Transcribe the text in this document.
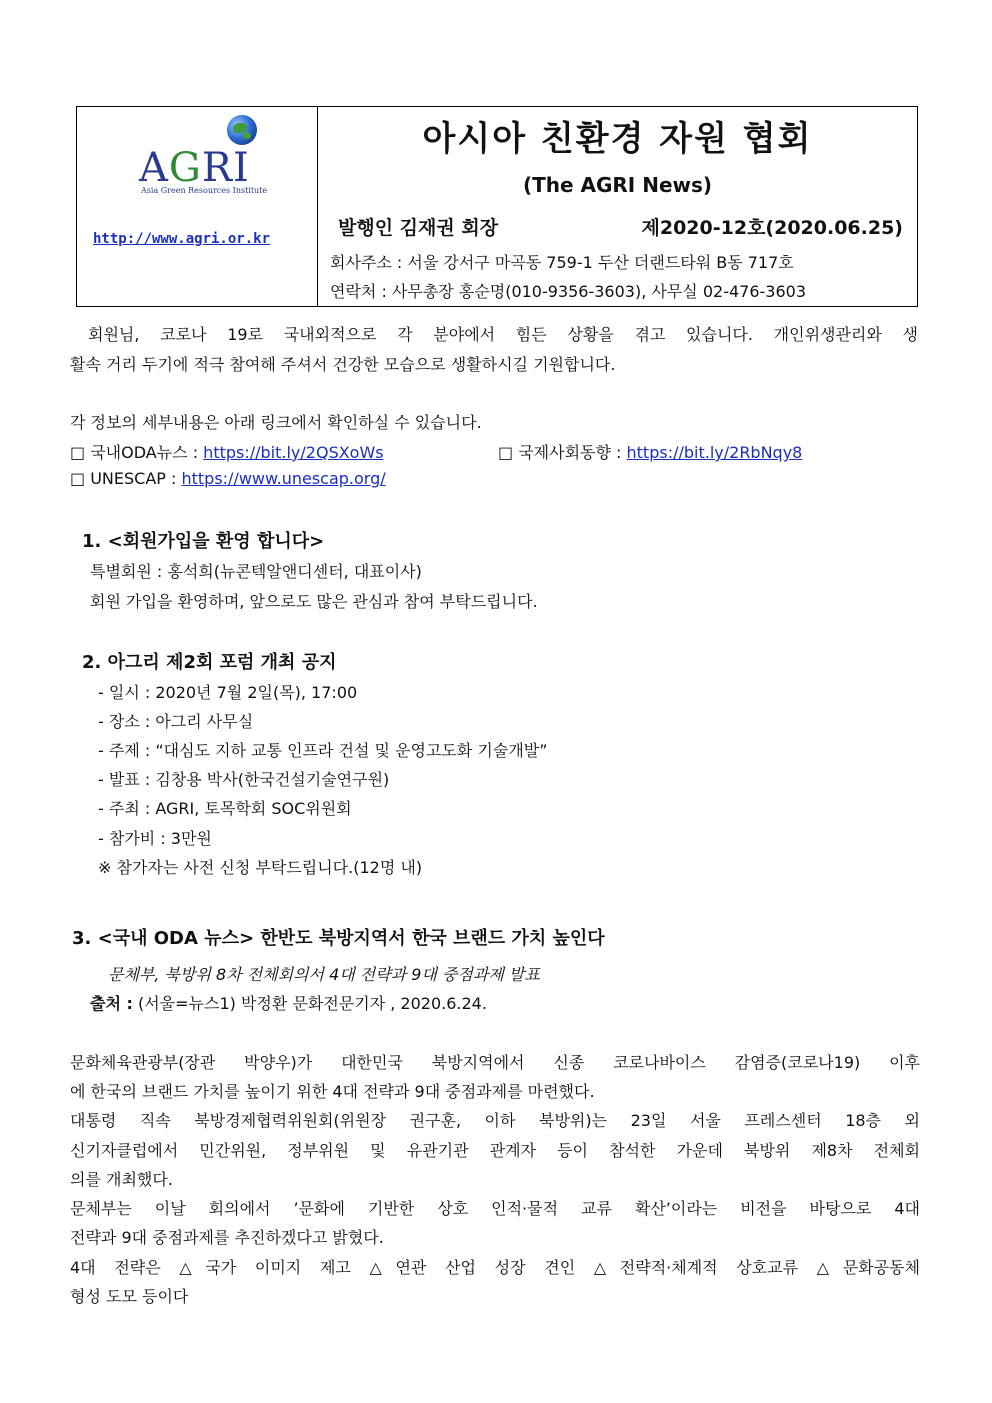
AGRI
Asia Green Resources Institute
http://www.agri.or.kr
아시아 친환경 자원 협회
(The AGRI News)
발행인 김재권 회장	제2020-12호(2020.06.25)
회사주소 : 서울 강서구 마곡동 759-1 두산 더랜드타워 B동 717호
연락처 : 사무총장 홍순명(010-9356-3603), 사무실 02-476-3603
회원님, 코로나 19로 국내외적으로 각 분야에서 힘든 상황을 겪고 있습니다. 개인위생관리와 생
활속 거리 두기에 적극 참여해 주셔서 건강한 모습으로 생활하시길 기원합니다.
각 정보의 세부내용은 아래 링크에서 확인하실 수 있습니다.
□ 국내ODA뉴스 : https://bit.ly/2QSXoWs	□ 국제사회동향 : https://bit.ly/2RbNqy8
□ UNESCAP : https://www.unescap.org/
1. <회원가입을 환영 합니다>
특별회원 : 홍석희(뉴콘텍알앤디센터, 대표이사)
회원 가입을 환영하며, 앞으로도 많은 관심과 참여 부탁드립니다.
2. 아그리 제2회 포럼 개최 공지
- 일시 : 2020년 7월 2일(목), 17:00
- 장소 : 아그리 사무실
- 주제 : “대심도 지하 교통 인프라 건설 및 운영고도화 기술개발”
- 발표 : 김창용 박사(한국건설기술연구원)
- 주최 : AGRI, 토목학회 SOC위원회
- 참가비 : 3만원
※ 참가자는 사전 신청 부탁드립니다.(12명 내)
3. <국내 ODA 뉴스> 한반도 북방지역서 한국 브랜드 가치 높인다
문체부, 북방위 8차 전체회의서 4대 전략과 9대 중점과제 발표
출처 : (서울=뉴스1) 박정환 문화전문기자 , 2020.6.24.
문화체육관광부(장관 박양우)가 대한민국 북방지역에서 신종 코로나바이스 감염증(코로나19) 이후
에 한국의 브랜드 가치를 높이기 위한 4대 전략과 9대 중점과제를 마련했다.
대통령 직속 북방경제협력위원회(위원장 권구훈, 이하 북방위)는 23일 서울 프레스센터 18층 외
신기자클럽에서 민간위원, 정부위원 및 유관기관 관계자 등이 참석한 가운데 북방위 제8차 전체회
의를 개최했다.
문체부는 이날 회의에서 ’문화에 기반한 상호 인적·물적 교류 확산’이라는 비전을 바탕으로 4대
전략과 9대 중점과제를 추진하겠다고 밝혔다.
4대 전략은 △국가 이미지 제고 △연관 산업 성장 견인 △전략적·체계적 상호교류 △문화공동체
형성 도모 등이다
